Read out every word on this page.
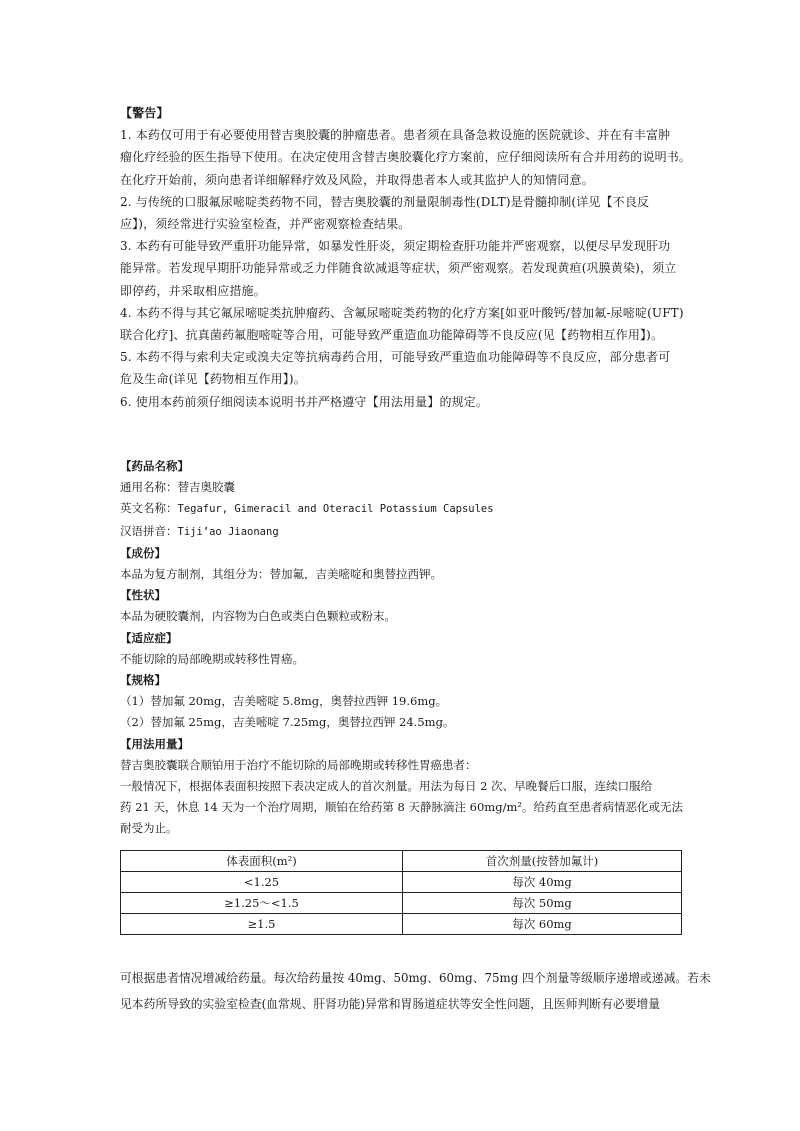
【警告】
1. 本药仅可用于有必要使用替吉奥胶囊的肿瘤患者。患者须在具备急救设施的医院就诊、并在有丰富肿
瘤化疗经验的医生指导下使用。在决定使用含替吉奥胶囊化疗方案前，应仔细阅读所有合并用药的说明书。
在化疗开始前，须向患者详细解释疗效及风险，并取得患者本人或其监护人的知情同意。
2. 与传统的口服氟尿嘧啶类药物不同，替吉奥胶囊的剂量限制毒性(DLT)是骨髓抑制(详见【不良反
应】)，须经常进行实验室检查，并严密观察检查结果。
3. 本药有可能导致严重肝功能异常，如暴发性肝炎，须定期检查肝功能并严密观察，以便尽早发现肝功
能异常。若发现早期肝功能异常或乏力伴随食欲减退等症状，须严密观察。若发现黄疸(巩膜黄染)，须立
即停药，并采取相应措施。
4. 本药不得与其它氟尿嘧啶类抗肿瘤药、含氟尿嘧啶类药物的化疗方案[如亚叶酸钙/替加氟-尿嘧啶(UFT)
联合化疗]、抗真菌药氟胞嘧啶等合用，可能导致严重造血功能障碍等不良反应(见【药物相互作用】)。
5. 本药不得与索利夫定或溴夫定等抗病毒药合用，可能导致严重造血功能障碍等不良反应，部分患者可
危及生命(详见【药物相互作用】)。
6. 使用本药前须仔细阅读本说明书并严格遵守【用法用量】的规定。
【药品名称】
通用名称：替吉奥胶囊
英文名称：Tegafur, Gimeracil and Oteracil Potassium Capsules
汉语拼音：Tiji’ao Jiaonang
【成份】
本品为复方制剂，其组分为：替加氟，吉美嘧啶和奥替拉西钾。
【性状】
本品为硬胶囊剂，内容物为白色或类白色颗粒或粉末。
【适应症】
不能切除的局部晚期或转移性胃癌。
【规格】
（1）替加氟 20mg，吉美嘧啶 5.8mg，奥替拉西钾 19.6mg。
（2）替加氟 25mg，吉美嘧啶 7.25mg，奥替拉西钾 24.5mg。
【用法用量】
替吉奥胶囊联合顺铂用于治疗不能切除的局部晚期或转移性胃癌患者：
一般情况下，根据体表面积按照下表决定成人的首次剂量。用法为每日 2 次、早晚餐后口服，连续口服给
药 21 天，休息 14 天为一个治疗周期，顺铂在给药第 8 天静脉滴注 60mg/m²。给药直至患者病情恶化或无法
耐受为止。
体表面积(m²)	首次剂量(按替加氟计)
<1.25	每次 40mg
≥1.25～<1.5	每次 50mg
≥1.5	每次 60mg
可根据患者情况增减给药量。每次给药量按 40mg、50mg、60mg、75mg 四个剂量等级顺序递增或递减。若未
见本药所导致的实验室检查(血常规、肝肾功能)异常和胃肠道症状等安全性问题，且医师判断有必要增量
